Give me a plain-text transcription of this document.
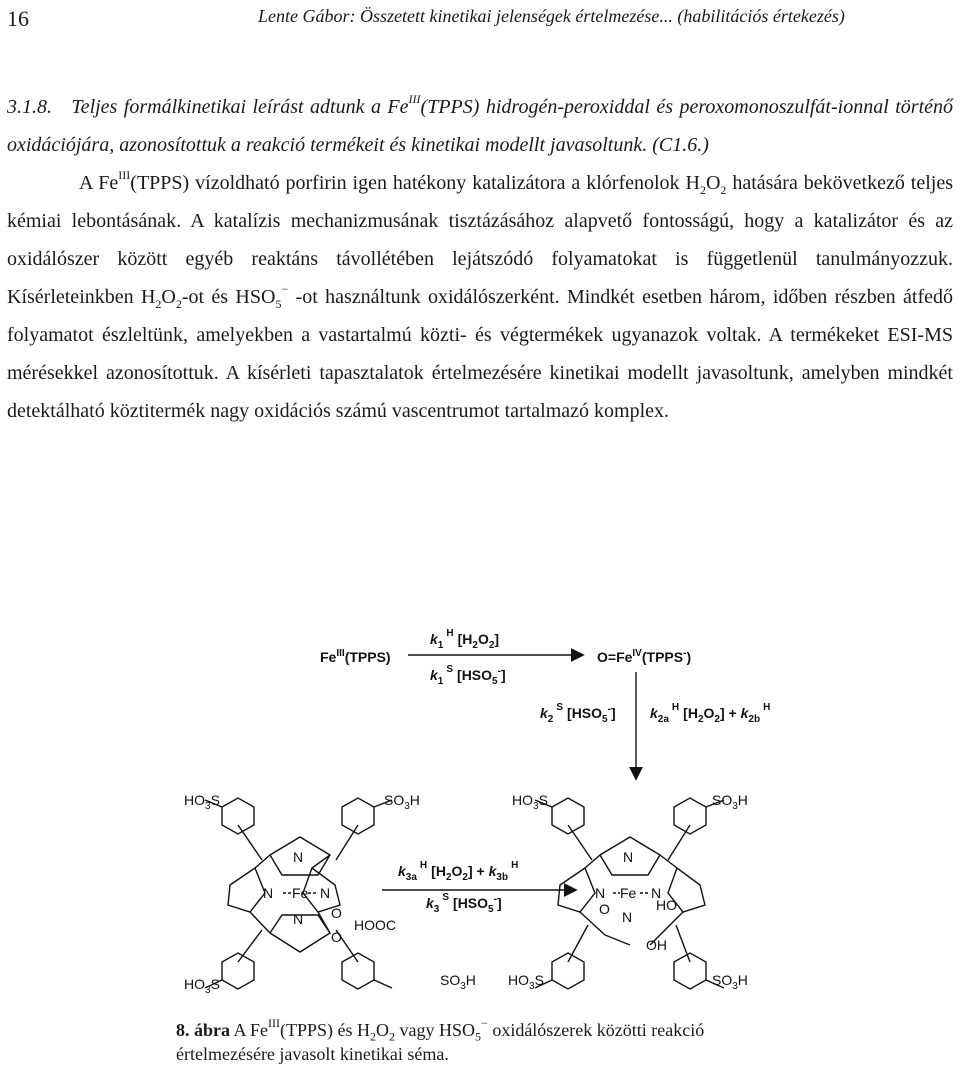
16	Lente Gábor: Összetett kinetikai jelenségek értelmezése... (habilitációs értekezés)

3.1.8. Teljes formálkinetikai leírást adtunk a $Fe^{III}(TPPS)$ hidrogén-peroxiddal és peroxomonoszulfát-ionnal történő oxidációjára, azonosítottuk a reakció termékeit és kinetikai modellt javasoltunk. (C1.6.)

A $Fe^{III}(TPPS)$ vízoldható porfirin igen hatékony katalizátora a klórfenolok $H_2O_2$ hatására bekövetkező teljes kémiai lebontásának. A katalízis mechanizmusának tisztázásához alapvető fontosságú, hogy a katalizátor és az oxidálószer között egyéb reaktáns távollétében lejátszódó folyamatokat is függetlenül tanulmányozzuk. Kísérleteinkben $H_2O_2-ot$ és $HSO_5^-$ -ot használtunk oxidálószerként. Mindkét esetben három, időben részben átfedő folyamatot észleltünk, amelyekben a vastartalmú közti- és végtermékek ugyanazok voltak. A termékeket ESI-MS mérésekkel azonosítottuk. A kísérleti tapasztalatok értelmezésére kinetikai modellt javasoltunk, amelyben mindkét detektálható köztitermék nagy oxidációs számú vascentrumot tartalmazó komplex.

$Fe^{III}(TPPS)$
$k_1^H$ $[H_2O_2]$
$k_1^S$ $[HSO_5^-]$
$O=Fe^{IV}(TPPS^-)$
$k_2^S$ $[HSO_5^-]$ $k_{2a}^H$ $[H_2O_2] + k_{2b}^H$
$k_{3a}^H$ $[H_2O_2] + k_{3b}^H$
$k_3^S$ $[HSO_5^-]$
N
N Fe N
N O
O
HOOC
N
N Fe N
O N
HO
OH
$HO_3S$	$SO_3H$
$HO_3S$	$SO_3H$
$HO_3S$	$SO_3H$
$HO_3S$	$SO_3H$
8. ábra A $Fe^{III}(TPPS)$ és $H_2O_2$ vagy $HSO_5^-$ oxidálószerek közötti reakció értelmezésére javasolt kinetikai séma.
